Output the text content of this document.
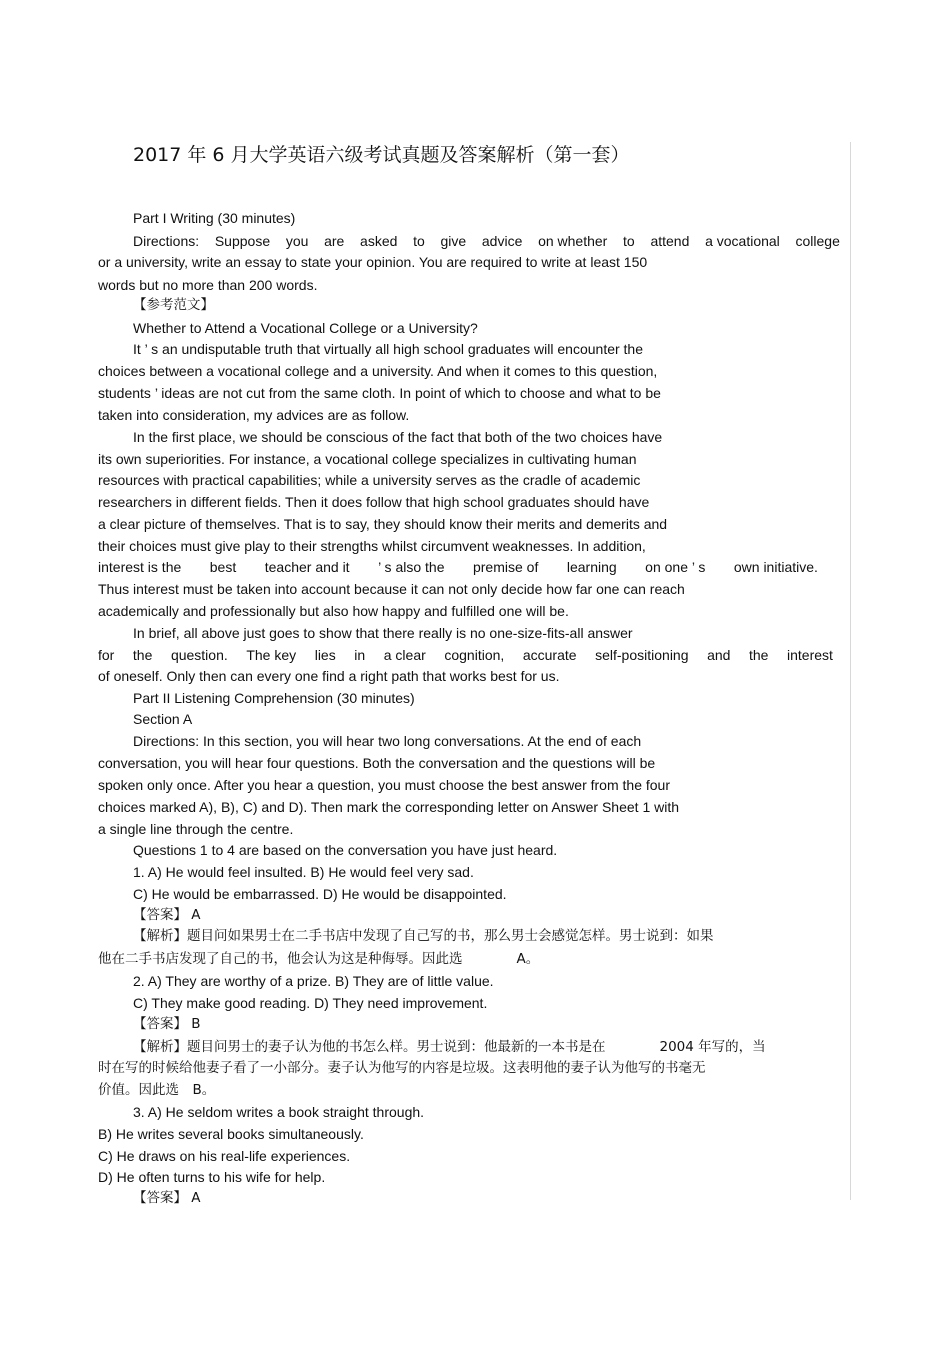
2017 年 6 月大学英语六级考试真题及答案解析（第一套）
Part I Writing (30 minutes)
Directions: Suppose you are asked to give advice on whether to attend a vocational college
or a university, write an essay to state your opinion. You are required to write at least 150
words but no more than 200 words.
【参考范文】
Whether to Attend a Vocational College or a University?
It ’ s an undisputable truth that virtually all high school graduates will encounter the
choices between a vocational college and a university. And when it comes to this question,
students ’ ideas are not cut from the same cloth. In point of which to choose and what to be
taken into consideration, my advices are as follow.
In the first place, we should be conscious of the fact that both of the two choices have
its own superiorities. For instance, a vocational college specializes in cultivating human
resources with practical capabilities; while a university serves as the cradle of academic
researchers in different fields. Then it does follow that high school graduates should have
a clear picture of themselves. That is to say, they should know their merits and demerits and
their choices must give play to their strengths whilst circumvent weaknesses. In addition,
interest is the best teacher and it ’ s also the premise of learning on one ’ s own initiative.
Thus interest must be taken into account because it can not only decide how far one can reach
academically and professionally but also how happy and fulfilled one will be.
In brief, all above just goes to show that there really is no one-size-fits-all answer
for the question. The key lies in a clear cognition, accurate self-positioning and the interest
of oneself. Only then can every one find a right path that works best for us.
Part II Listening Comprehension (30 minutes)
Section A
Directions: In this section, you will hear two long conversations. At the end of each
conversation, you will hear four questions. Both the conversation and the questions will be
spoken only once. After you hear a question, you must choose the best answer from the four
choices marked A), B), C) and D). Then mark the corresponding letter on Answer Sheet 1 with
a single line through the centre.
Questions 1 to 4 are based on the conversation you have just heard.
1. A) He would feel insulted. B) He would feel very sad.
C) He would be embarrassed. D) He would be disappointed.
【答案】 A
【解析】题目问如果男士在二手书店中发现了自己写的书，那么男士会感觉怎样。男士说到：如果
他在二手书店发现了自己的书，他会认为这是种侮辱。因此选　　　　A。
2. A) They are worthy of a prize. B) They are of little value.
C) They make good reading. D) They need improvement.
【答案】 B
【解析】题目问男士的妻子认为他的书怎么样。男士说到：他最新的一本书是在　　　　2004 年写的，当
时在写的时候给他妻子看了一小部分。妻子认为他写的内容是垃圾。这表明他的妻子认为他写的书毫无
价值。因此选　B。
3. A) He seldom writes a book straight through.
B) He writes several books simultaneously.
C) He draws on his real-life experiences.
D) He often turns to his wife for help.
【答案】 A
